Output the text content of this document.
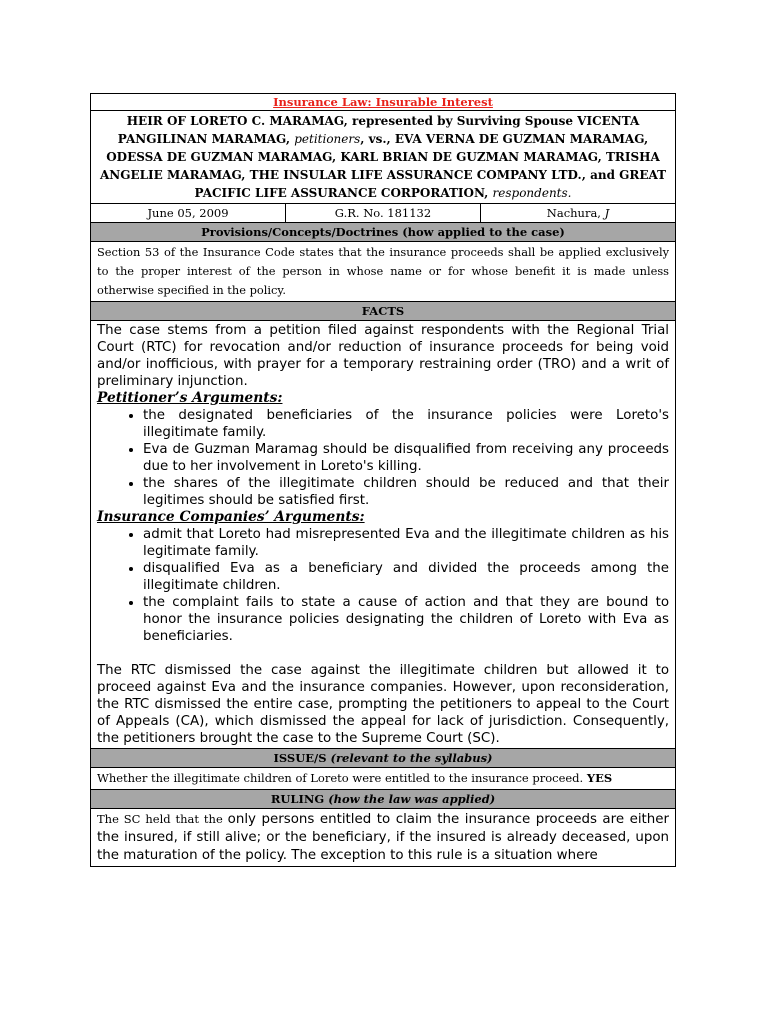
Insurance Law: Insurable Interest
HEIR OF LORETO C. MARAMAG, represented by Surviving Spouse VICENTA PANGILINAN MARAMAG, petitioners, vs., EVA VERNA DE GUZMAN MARAMAG, ODESSA DE GUZMAN MARAMAG, KARL BRIAN DE GUZMAN MARAMAG, TRISHA ANGELIE MARAMAG, THE INSULAR LIFE ASSURANCE COMPANY LTD., and GREAT PACIFIC LIFE ASSURANCE CORPORATION, respondents.
June 05, 2009	G.R. No. 181132	Nachura, J
Provisions/Concepts/Doctrines (how applied to the case)
Section 53 of the Insurance Code states that the insurance proceeds shall be applied exclusively to the proper interest of the person in whose name or for whose benefit it is made unless otherwise specified in the policy.
FACTS

The case stems from a petition filed against respondents with the Regional Trial Court (RTC) for revocation and/or reduction of insurance proceeds for being void and/or inofficious, with prayer for a temporary restraining order (TRO) and a writ of preliminary injunction.

Petitioner’s Arguments:

• the designated beneficiaries of the insurance policies were Loreto's illegitimate family.
• Eva de Guzman Maramag should be disqualified from receiving any proceeds due to her involvement in Loreto's killing.
• the shares of the illegitimate children should be reduced and that their legitimes should be satisfied first.

Insurance Companies’ Arguments:

• admit that Loreto had misrepresented Eva and the illegitimate children as his legitimate family.
• disqualified Eva as a beneficiary and divided the proceeds among the illegitimate children.
• the complaint fails to state a cause of action and that they are bound to honor the insurance policies designating the children of Loreto with Eva as beneficiaries.

The RTC dismissed the case against the illegitimate children but allowed it to proceed against Eva and the insurance companies. However, upon reconsideration, the RTC dismissed the entire case, prompting the petitioners to appeal to the Court of Appeals (CA), which dismissed the appeal for lack of jurisdiction. Consequently, the petitioners brought the case to the Supreme Court (SC).

ISSUE/S (relevant to the syllabus)
Whether the illegitimate children of Loreto were entitled to the insurance proceed. YES
RULING (how the law was applied)
The SC held that the only persons entitled to claim the insurance proceeds are either the insured, if still alive; or the beneficiary, if the insured is already deceased, upon the maturation of the policy. The exception to this rule is a situation where
